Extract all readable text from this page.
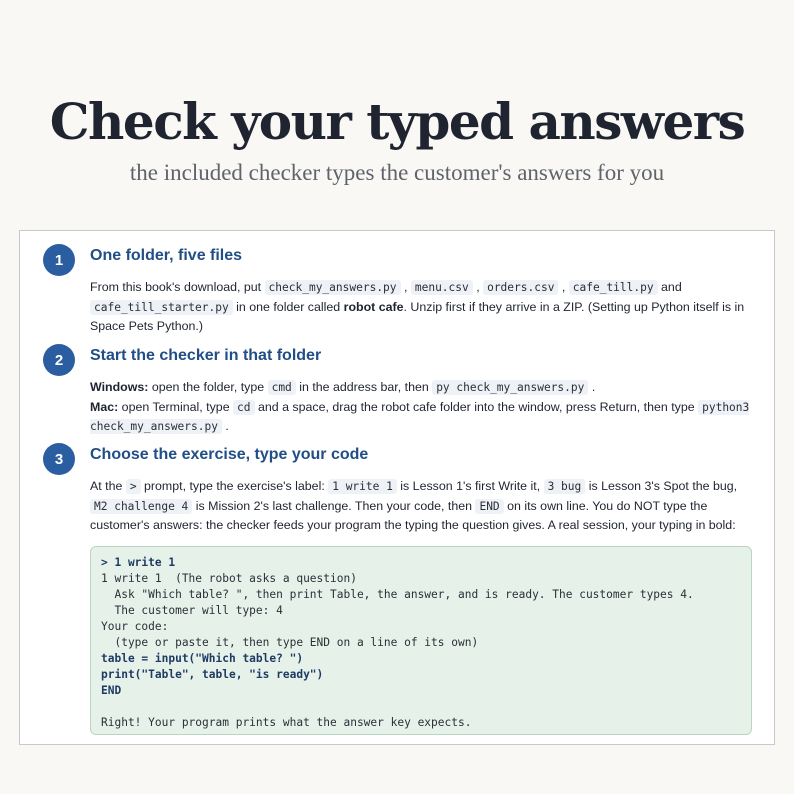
Check your typed answers
the included checker types the customer's answers for you
1	One folder, five files
From this book's download, put check_my_answers.py , menu.csv , orders.csv , cafe_till.py and cafe_till_starter.py in one folder called robot cafe. Unzip first if they arrive in a ZIP. (Setting up Python itself is in Space Pets Python.)
2	Start the checker in that folder
Windows: open the folder, type cmd in the address bar, then py check_my_answers.py .
Mac: open Terminal, type cd and a space, drag the robot cafe folder into the window, press Return, then type python3 check_my_answers.py .
3	Choose the exercise, type your code
At the > prompt, type the exercise's label: 1 write 1 is Lesson 1's first Write it, 3 bug is Lesson 3's Spot the bug, M2 challenge 4 is Mission 2's last challenge. Then your code, then END on its own line. You do NOT type the customer's answers: the checker feeds your program the typing the question gives. A real session, your typing in bold:
> 1 write 1
1 write 1  (The robot asks a question)
Ask "Which table? ", then print Table, the answer, and is ready. The customer types 4.
The customer will type: 4
Your code:
(type or paste it, then type END on a line of its own)
table = input("Which table? ")
print("Table", table, "is ready")
END
Right! Your program prints what the answer key expects.
